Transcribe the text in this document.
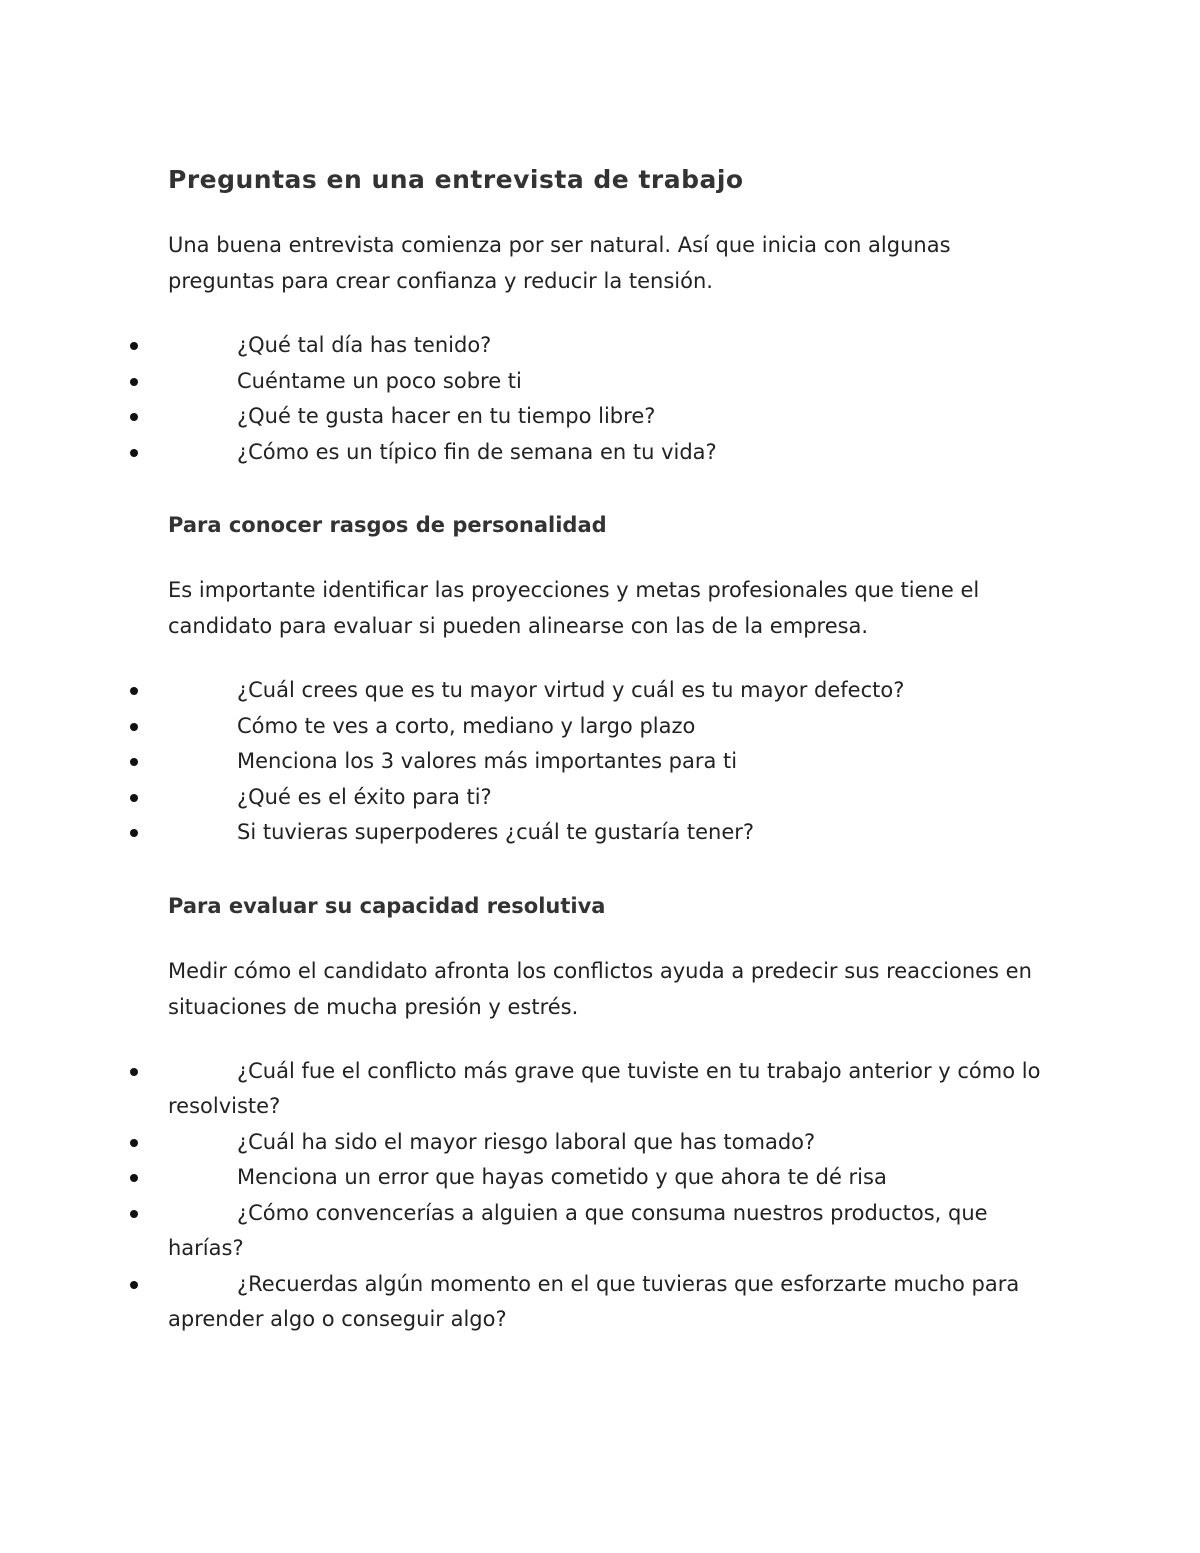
Preguntas en una entrevista de trabajo

Una buena entrevista comienza por ser natural. Así que inicia con algunas preguntas para crear confianza y reducir la tensión.

¿Qué tal día has tenido?
Cuéntame un poco sobre ti
¿Qué te gusta hacer en tu tiempo libre?
¿Cómo es un típico fin de semana en tu vida?
Para conocer rasgos de personalidad

Es importante identificar las proyecciones y metas profesionales que tiene el candidato para evaluar si pueden alinearse con las de la empresa.

¿Cuál crees que es tu mayor virtud y cuál es tu mayor defecto?
Cómo te ves a corto, mediano y largo plazo
Menciona los 3 valores más importantes para ti
¿Qué es el éxito para ti?
Si tuvieras superpoderes ¿cuál te gustaría tener?
Para evaluar su capacidad resolutiva

Medir cómo el candidato afronta los conflictos ayuda a predecir sus reacciones en situaciones de mucha presión y estrés.

¿Cuál fue el conflicto más grave que tuviste en tu trabajo anterior y cómo lo resolviste?
¿Cuál ha sido el mayor riesgo laboral que has tomado?
Menciona un error que hayas cometido y que ahora te dé risa
¿Cómo convencerías a alguien a que consuma nuestros productos, que harías?
¿Recuerdas algún momento en el que tuvieras que esforzarte mucho para aprender algo o conseguir algo?
